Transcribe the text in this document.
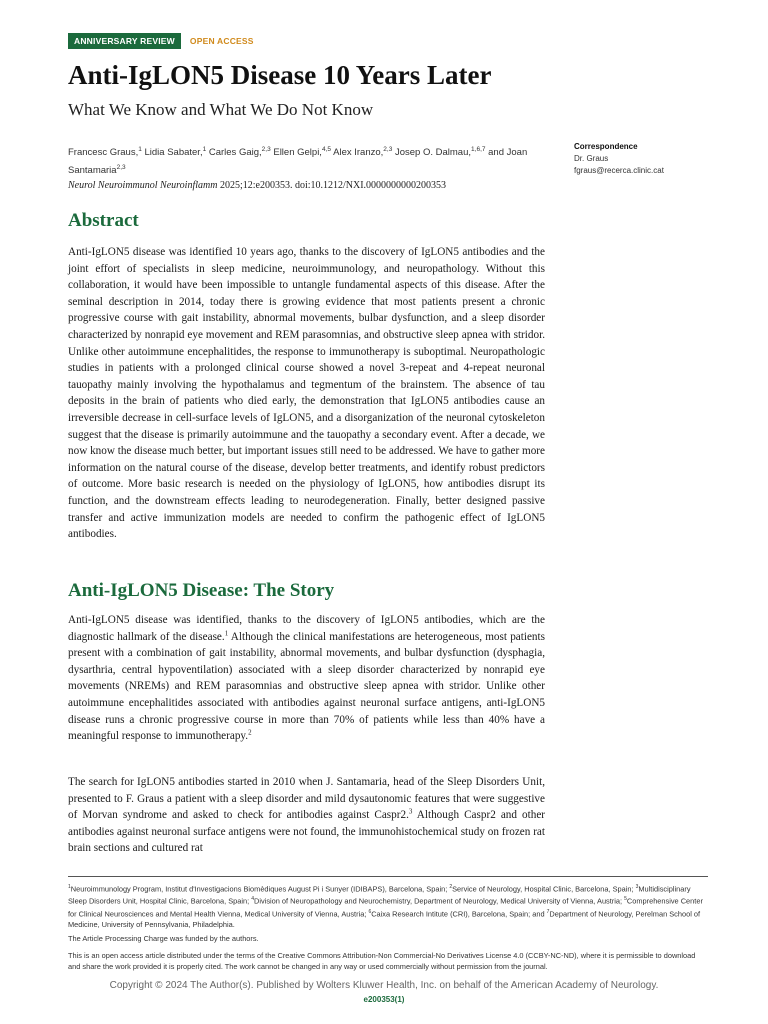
ANNIVERSARY REVIEW	OPEN ACCESS
Anti-IgLON5 Disease 10 Years Later

What We Know and What We Do Not Know

Francesc Graus,$^1$ Lidia Sabater,$^1$ Carles Gaig,$^{2,3}$ Ellen Gelpi,$^{4,5}$ Alex Iranzo,$^{2,3}$ Josep O. Dalmau,$^{1,6,7}$ and Joan Santamaria$^{2,3}$
Correspondence
Dr. Graus
fgraus@recerca.clinic.cat
Neurol Neuroimmunol Neuroinflamm 2025;12:e200353. doi:10.1212/NXI.0000000000200353
Abstract

Anti-IgLON5 disease was identified 10 years ago, thanks to the discovery of IgLON5 antibodies and the joint effort of specialists in sleep medicine, neuroimmunology, and neuropathology. Without this collaboration, it would have been impossible to untangle fundamental aspects of this disease. After the seminal description in 2014, today there is growing evidence that most patients present a chronic progressive course with gait instability, abnormal movements, bulbar dysfunction, and a sleep disorder characterized by nonrapid eye movement and REM parasomnias, and obstructive sleep apnea with stridor. Unlike other autoimmune encephalitides, the response to immunotherapy is suboptimal. Neuropathologic studies in patients with a prolonged clinical course showed a novel 3-repeat and 4-repeat neuronal tauopathy mainly involving the hypothalamus and tegmentum of the brainstem. The absence of tau deposits in the brain of patients who died early, the demonstration that IgLON5 antibodies cause an irreversible decrease in cell-surface levels of IgLON5, and a disorganization of the neuronal cytoskeleton suggest that the disease is primarily autoimmune and the tauopathy a secondary event. After a decade, we now know the disease much better, but important issues still need to be addressed. We have to gather more information on the natural course of the disease, develop better treatments, and identify robust predictors of outcome. More basic research is needed on the physiology of IgLON5, how antibodies disrupt its function, and the downstream effects leading to neurodegeneration. Finally, better designed passive transfer and active immunization models are needed to confirm the pathogenic effect of IgLON5 antibodies.

Anti-IgLON5 Disease: The Story

Anti-IgLON5 disease was identified, thanks to the discovery of IgLON5 antibodies, which are the diagnostic hallmark of the disease.$^1$ Although the clinical manifestations are heterogeneous, most patients present with a combination of gait instability, abnormal movements, and bulbar dysfunction (dysphagia, dysarthria, central hypoventilation) associated with a sleep disorder characterized by nonrapid eye movements (NREMs) and REM parasomnias and obstructive sleep apnea with stridor. Unlike other autoimmune encephalitides associated with antibodies against neuronal surface antigens, anti-IgLON5 disease runs a chronic progressive course in more than 70% of patients while less than 40% have a meaningful response to immunotherapy.$^2$

The search for IgLON5 antibodies started in 2010 when J. Santamaria, head of the Sleep Disorders Unit, presented to F. Graus a patient with a sleep disorder and mild dysautonomic features that were suggestive of Morvan syndrome and asked to check for antibodies against Caspr2.$^3$ Although Caspr2 and other antibodies against neuronal surface antigens were not found, the immunohistochemical study on frozen rat brain sections and cultured rat

$^1$Neuroimmunology Program, Institut d'Investigacions Biomèdiques August Pi i Sunyer (IDIBAPS), Barcelona, Spain; $^2$Service of Neurology, Hospital Clinic, Barcelona, Spain; $^3$Multidisciplinary Sleep Disorders Unit, Hospital Clinic, Barcelona, Spain; $^4$Division of Neuropathology and Neurochemistry, Department of Neurology, Medical University of Vienna, Austria; $^5$Comprehensive Center for Clinical Neurosciences and Mental Health Vienna, Medical University of Vienna, Austria; $^6$Caixa Research Intitute (CRI), Barcelona, Spain; and $^7$Department of Neurology, Perelman School of Medicine, University of Pennsylvania, Philadelphia.

The Article Processing Charge was funded by the authors.

This is an open access article distributed under the terms of the Creative Commons Attribution-Non Commercial-No Derivatives License 4.0 (CCBY-NC-ND), where it is permissible to download and share the work provided it is properly cited. The work cannot be changed in any way or used commercially without permission from the journal.

Copyright © 2024 The Author(s). Published by Wolters Kluwer Health, Inc. on behalf of the American Academy of Neurology.
e200353(1)
